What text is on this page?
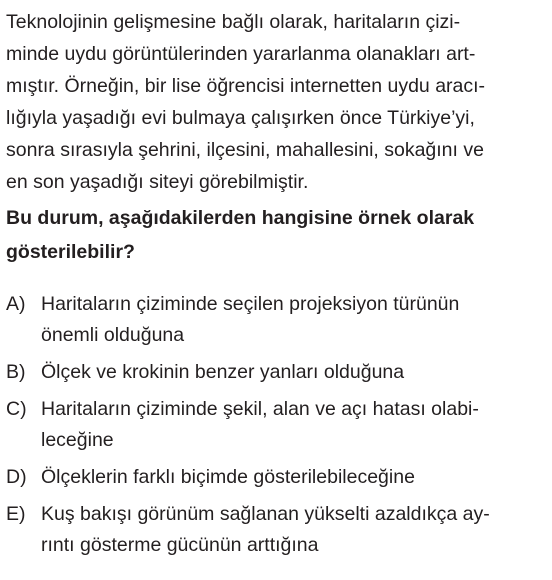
Teknolojinin gelişmesine bağlı olarak, haritaların çizi-
minde uydu görüntülerinden yararlanma olanakları art-
mıştır. Örneğin, bir lise öğrencisi internetten uydu aracı-
lığıyla yaşadığı evi bulmaya çalışırken önce Türkiye’yi,
sonra sırasıyla şehrini, ilçesini, mahallesini, sokağını ve
en son yaşadığı siteyi görebilmiştir.

Bu durum, aşağıdakilerden hangisine örnek olarak
gösterilebilir?

A) Haritaların çiziminde seçilen projeksiyon türünün
önemli olduğuna
B) Ölçek ve krokinin benzer yanları olduğuna
C) Haritaların çiziminde şekil, alan ve açı hatası olabi-
leceğine
D) Ölçeklerin farklı biçimde gösterilebileceğine
E) Kuş bakışı görünüm sağlanan yükselti azaldıkça ay-
rıntı gösterme gücünün arttığına
